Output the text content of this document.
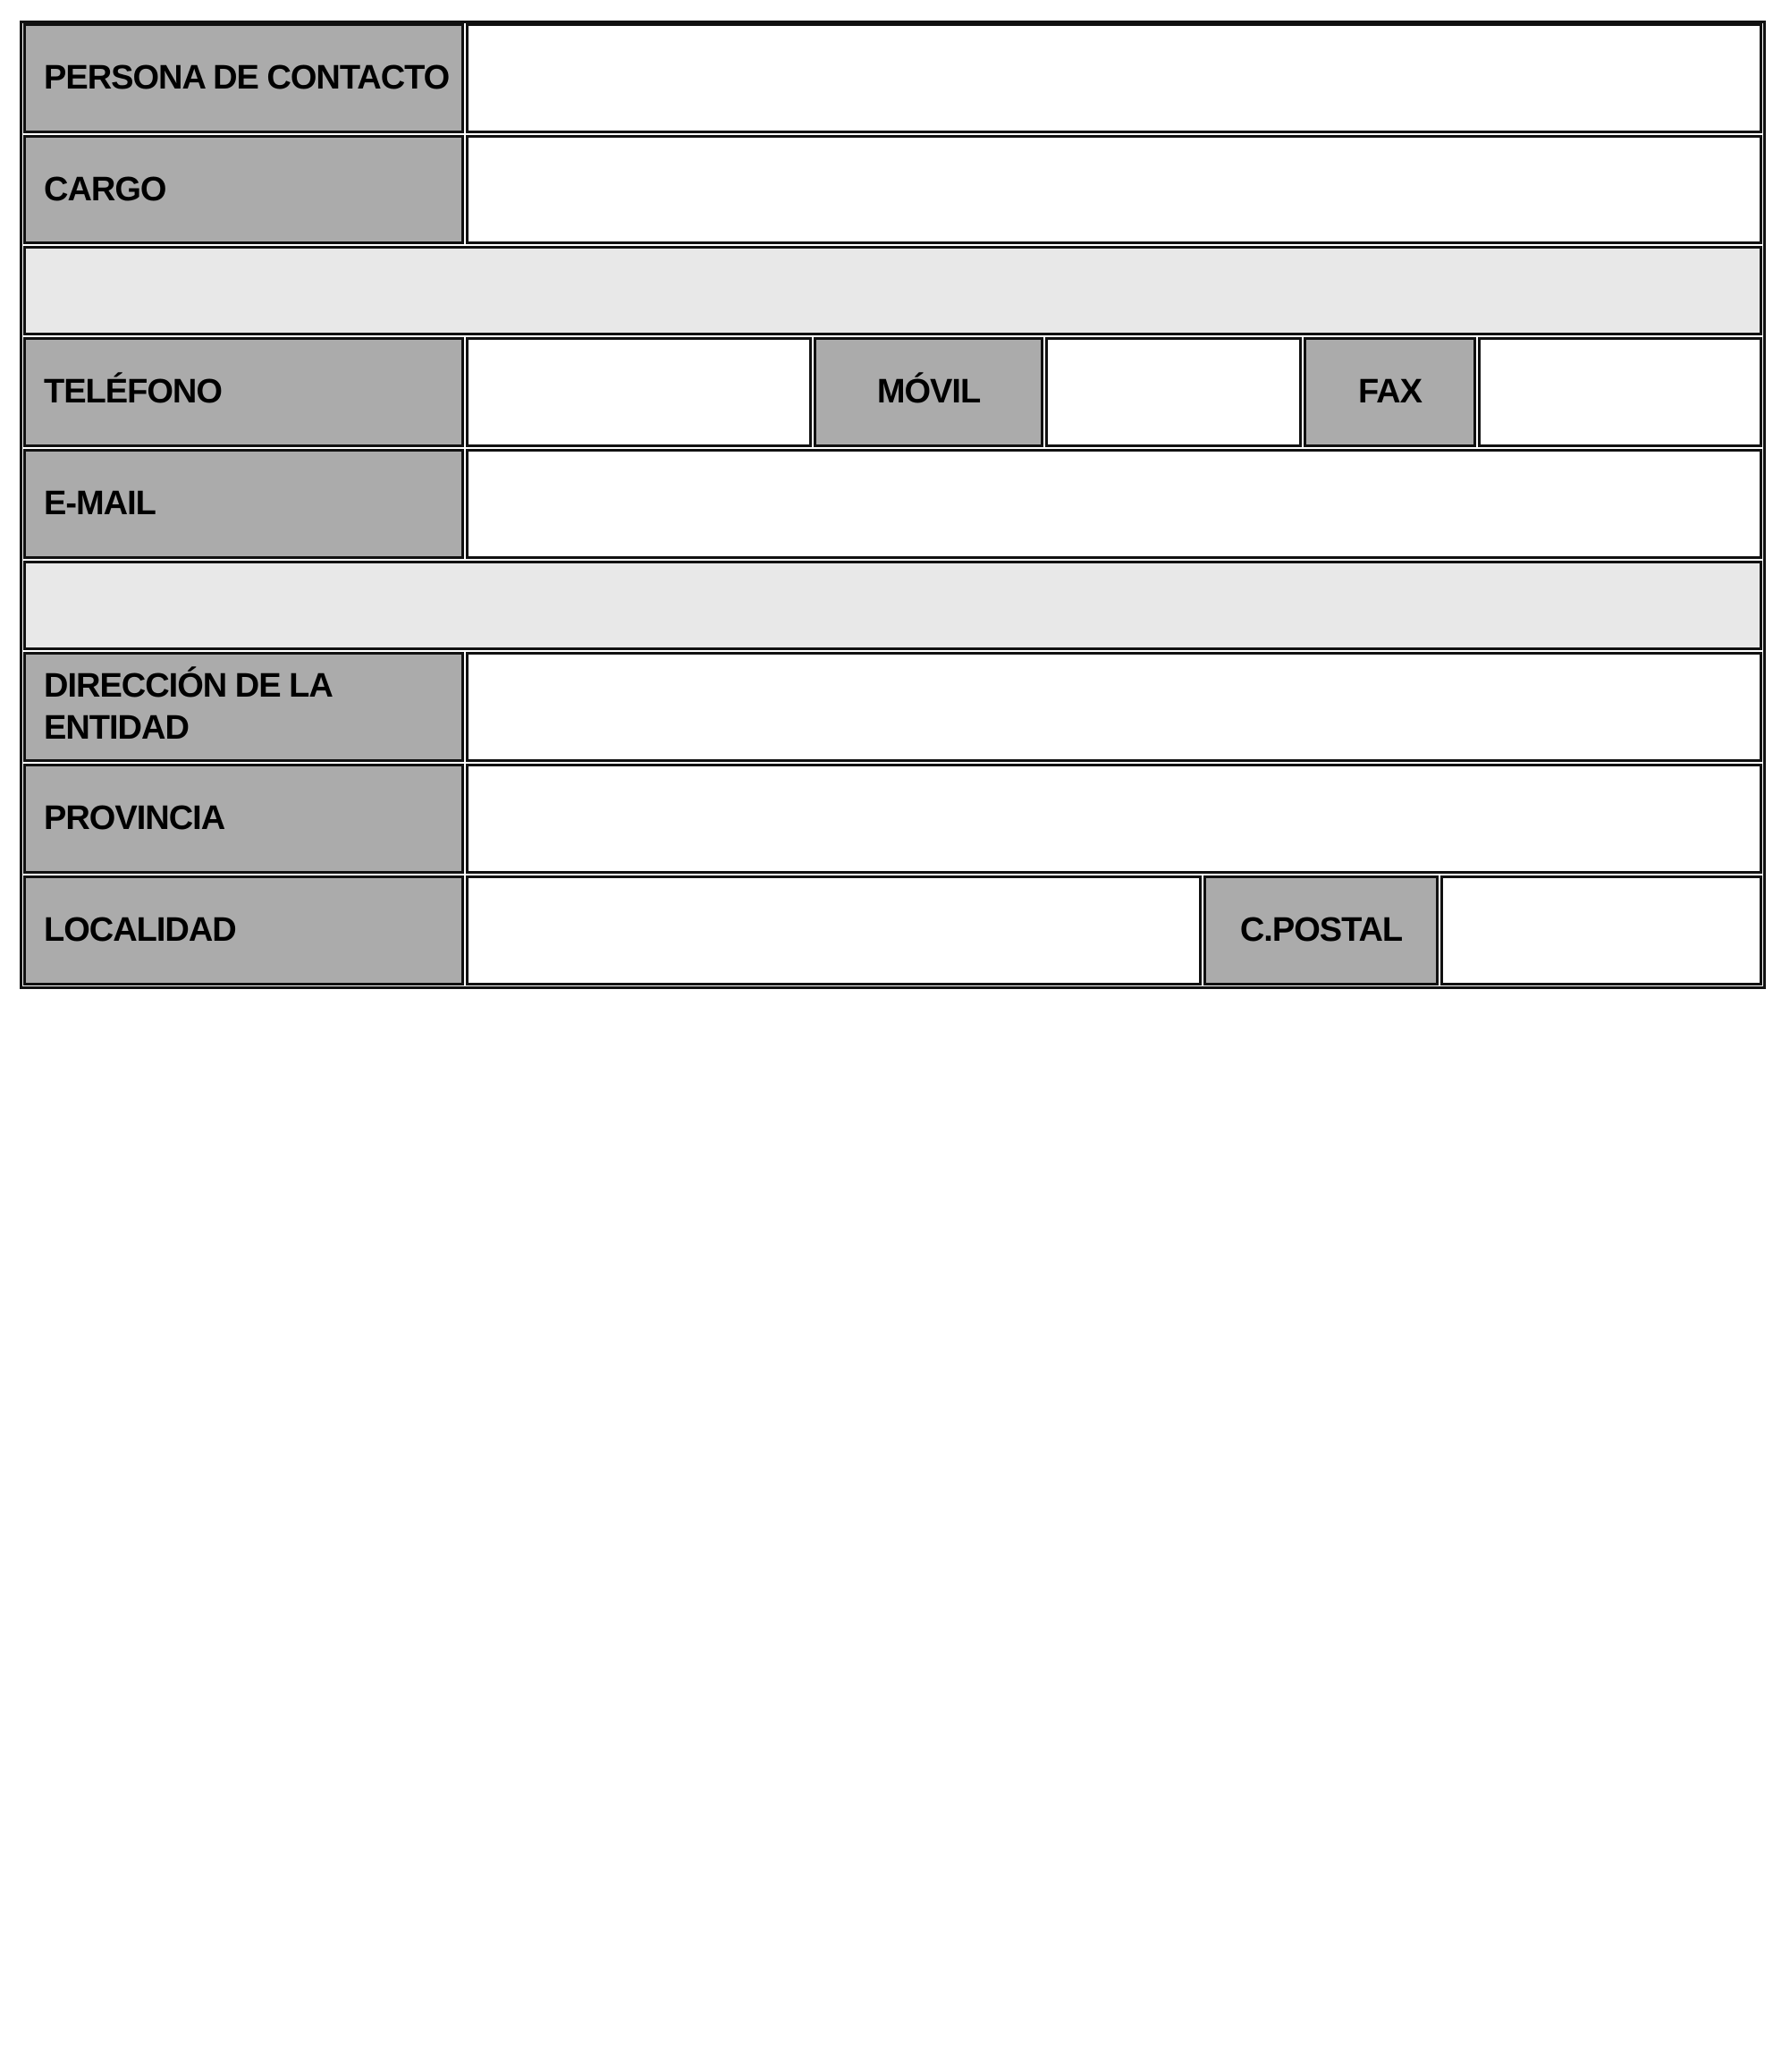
PERSONA DE CONTACTO
CARGO
TELÉFONO	MÓVIL	FAX
E-MAIL
DIRECCIÓN DE LA
ENTIDAD
PROVINCIA
LOCALIDAD	C.POSTAL
